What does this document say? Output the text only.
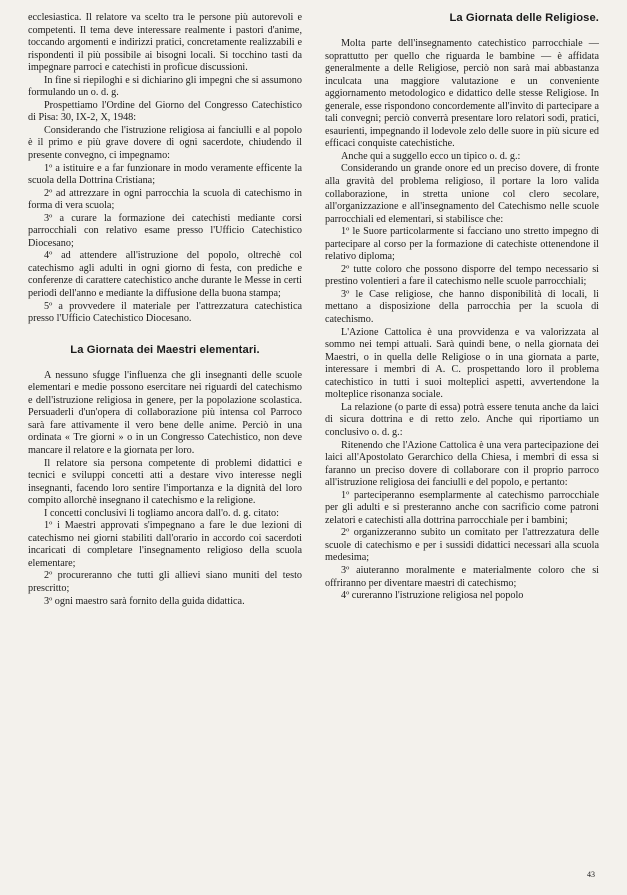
ecclesiastica. Il relatore va scelto tra le persone più autorevoli e competenti. Il tema deve interessare realmente i pastori d'anime, toccando argomenti e indirizzi pratici, concretamente realizzabili e rispondenti il più possibile ai bisogni locali. Si tocchino tasti da impegnare parroci e catechisti in proficue discussioni.

In fine si riepiloghi e si dichiarino gli impegni che si assumono formulando un o. d. g.

Prospettiamo l'Ordine del Giorno del Congresso Catechistico di Pisa: 30, IX-2, X, 1948:

Considerando che l'istruzione religiosa ai fanciulli e al popolo è il primo e più grave dovere di ogni sacerdote, chiudendo il presente convegno, ci impegnamo:

1º a istituire e a far funzionare in modo veramente efficente la scuola della Dottrina Cristiana;

2º ad attrezzare in ogni parrocchia la scuola di catechismo in forma di vera scuola;

3º a curare la formazione dei catechisti mediante corsi parrocchiali con relativo esame presso l'Ufficio Catechistico Diocesano;

4º ad attendere all'istruzione del popolo, oltrechè col catechismo agli adulti in ogni giorno di festa, con prediche e conferenze di carattere catechistico anche durante le Messe in certi periodi dell'anno e mediante la diffusione della buona stampa;

5º a provvedere il materiale per l'attrezzatura catechistica presso l'Ufficio Catechistico Diocesano.

La Giornata dei Maestri elementari.

A nessuno sfugge l'influenza che gli insegnanti delle scuole elementari e medie possono esercitare nei riguardi del catechismo e dell'istruzione religiosa in genere, per la popolazione scolastica. Persuaderli d'un'opera di collaborazione più intensa col Parroco sarà fare attivamente il vero bene delle anime. Perciò in una ordinata « Tre giorni » o in un Congresso Catechistico, non deve mancare il relatore e la giornata per loro.

Il relatore sia persona competente di problemi didattici e tecnici e sviluppi concetti atti a destare vivo interesse negli insegnanti, facendo loro sentire l'importanza e la dignità del loro compito allorchè insegnano il catechismo e la religione.

I concetti conclusivi li togliamo ancora dall'o. d. g. citato:

1º i Maestri approvati s'impegnano a fare le due lezioni di catechismo nei giorni stabiliti dall'orario in accordo coi sacerdoti incaricati di completare l'insegnamento religioso della scuola elementare;

2º procureranno che tutti gli allievi siano muniti del testo prescritto;

3º ogni maestro sarà fornito della guida didattica.

La Giornata delle Religiose.

Molta parte dell'insegnamento catechistico parrocchiale — soprattutto per quello che riguarda le bambine — è affidata generalmente a delle Religiose, perciò non sarà mai abbastanza inculcata una maggiore valutazione e un conveniente aggiornamento metodologico e didattico delle stesse Religiose. In generale, esse rispondono concordemente all'invito di partecipare a tali convegni; perciò converrà presentare loro relatori sodi, pratici, esaurienti, impegnando il lodevole zelo delle suore in più sicure ed efficaci conquiste catechistiche.

Anche qui a suggello ecco un tipico o. d. g.:

Considerando un grande onore ed un preciso dovere, di fronte alla gravità del problema religioso, il portare la loro valida collaborazione, in stretta unione col clero secolare, all'organizzazione e all'insegnamento del Catechismo nelle scuole parrocchiali ed elementari, si stabilisce che:

1º le Suore particolarmente si facciano uno stretto impegno di partecipare al corso per la formazione di catechiste ottenendone il relativo diploma;

2º tutte coloro che possono disporre del tempo necessario si prestino volentieri a fare il catechismo nelle scuole parrocchiali;

3º le Case religiose, che hanno disponibilità di locali, li mettano a disposizione della parrocchia per la scuola di catechismo.

L'Azione Cattolica è una provvidenza e va valorizzata al sommo nei tempi attuali. Sarà quindi bene, o nella giornata dei Maestri, o in quella delle Religiose o in una giornata a parte, interessare i membri di A. C. prospettando loro il problema catechistico in tutti i suoi molteplici aspetti, avvertendone la molteplice risonanza sociale.

La relazione (o parte di essa) potrà essere tenuta anche da laici di sicura dottrina e di retto zelo. Anche qui riportiamo un conclusivo o. d. g.:

Ritenendo che l'Azione Cattolica è una vera partecipazione dei laici all'Apostolato Gerarchico della Chiesa, i membri di essa si faranno un preciso dovere di collaborare con il proprio parroco all'istruzione religiosa dei fanciulli e del popolo, e pertanto:

1º parteciperanno esemplarmente al catechismo parrocchiale per gli adulti e si presteranno anche con sacrificio come patroni zelatori e catechisti alla dottrina parrocchiale per i bambini;

2º organizzeranno subito un comitato per l'attrezzatura delle scuole di catechismo e per i sussidi didattici necessari alla scuola medesima;

3º aiuteranno moralmente e materialmente coloro che si offriranno per diventare maestri di catechismo;

4º cureranno l'istruzione religiosa nel popolo

43
